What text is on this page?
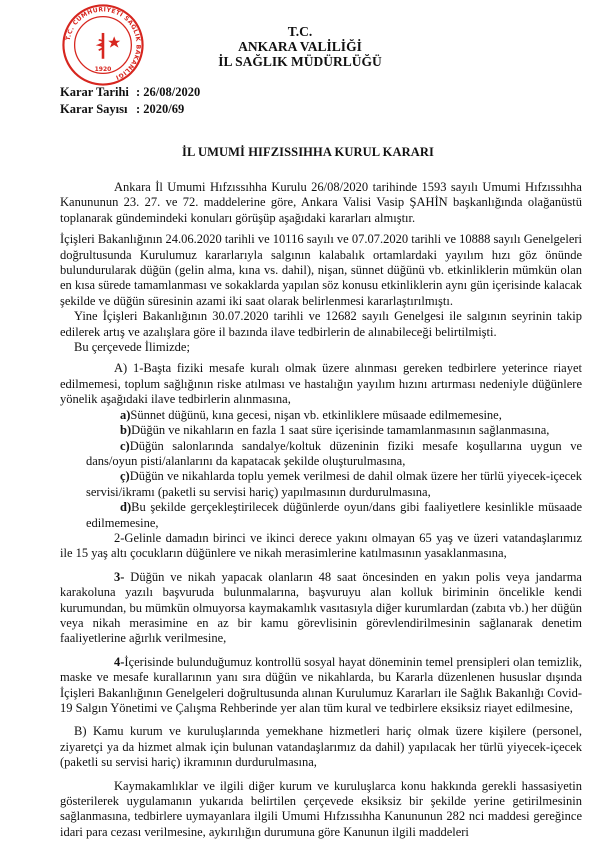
T.C. CUMHURİYETİ SAĞLIK BAKANLIĞI
1920
T.C.
ANKARA VALİLİĞİ
İL SAĞLIK MÜDÜRLÜĞÜ
Karar Tarihi : 26/08/2020
Karar Sayısı : 2020/69
İL UMUMİ HIFZISSIHHA KURUL KARARI

Ankara İl Umumi Hıfzıssıhha Kurulu 26/08/2020 tarihinde 1593 sayılı Umumi Hıfzıssıhha Kanununun 23. 27. ve 72. maddelerine göre, Ankara Valisi Vasip ŞAHİN başkanlığında olağanüstü toplanarak gündemindeki konuları görüşüp aşağıdaki kararları almıştır.

İçişleri Bakanlığının 24.06.2020 tarihli ve 10116 sayılı ve 07.07.2020 tarihli ve 10888 sayılı Genelgeleri doğrultusunda Kurulumuz kararlarıyla salgının kalabalık ortamlardaki yayılım hızı göz önünde bulundurularak düğün (gelin alma, kına vs. dahil), nişan, sünnet düğünü vb. etkinliklerin mümkün olan en kısa sürede tamamlanması ve sokaklarda yapılan söz konusu etkinliklerin aynı gün içerisinde kalacak şekilde ve düğün süresinin azami iki saat olarak belirlenmesi kararlaştırılmıştı.

Yine İçişleri Bakanlığının 30.07.2020 tarihli ve 12682 sayılı Genelgesi ile salgının seyrinin takip edilerek artış ve azalışlara göre il bazında ilave tedbirlerin de alınabileceği belirtilmişti.

Bu çerçevede İlimizde;

A) 1-Başta fiziki mesafe kuralı olmak üzere alınması gereken tedbirlere yeterince riayet edilmemesi, toplum sağlığının riske atılması ve hastalığın yayılım hızını artırması nedeniyle düğünlere yönelik aşağıdaki ilave tedbirlerin alınmasına,

a)Sünnet düğünü, kına gecesi, nişan vb. etkinliklere müsaade edilmemesine,

b)Düğün ve nikahların en fazla 1 saat süre içerisinde tamamlanmasının sağlanmasına,

c)Düğün salonlarında sandalye/koltuk düzeninin fiziki mesafe koşullarına uygun ve dans/oyun pisti/alanlarını da kapatacak şekilde oluşturulmasına,

ç)Düğün ve nikahlarda toplu yemek verilmesi de dahil olmak üzere her türlü yiyecek-içecek servisi/ikramı (paketli su servisi hariç) yapılmasının durdurulmasına,

d)Bu şekilde gerçekleştirilecek düğünlerde oyun/dans gibi faaliyetlere kesinlikle müsaade edilmemesine,

2-Gelinle damadın birinci ve ikinci derece yakını olmayan 65 yaş ve üzeri vatandaşlarımız ile 15 yaş altı çocukların düğünlere ve nikah merasimlerine katılmasının yasaklanmasına,

3- Düğün ve nikah yapacak olanların 48 saat öncesinden en yakın polis veya jandarma karakoluna yazılı başvuruda bulunmalarına, başvuruyu alan kolluk biriminin öncelikle kendi kurumundan, bu mümkün olmuyorsa kaymakamlık vasıtasıyla diğer kurumlardan (zabıta vb.) her düğün veya nikah merasimine en az bir kamu görevlisinin görevlendirilmesinin sağlanarak denetim faaliyetlerine ağırlık verilmesine,

4-İçerisinde bulunduğumuz kontrollü sosyal hayat döneminin temel prensipleri olan temizlik, maske ve mesafe kurallarının yanı sıra düğün ve nikahlarda, bu Kararla düzenlenen hususlar dışında İçişleri Bakanlığının Genelgeleri doğrultusunda alınan Kurulumuz Kararları ile Sağlık Bakanlığı Covid-19 Salgın Yönetimi ve Çalışma Rehberinde yer alan tüm kural ve tedbirlere eksiksiz riayet edilmesine,

B) Kamu kurum ve kuruluşlarında yemekhane hizmetleri hariç olmak üzere kişilere (personel, ziyaretçi ya da hizmet almak için bulunan vatandaşlarımız da dahil) yapılacak her türlü yiyecek-içecek (paketli su servisi hariç) ikramının durdurulmasına,

Kaymakamlıklar ve ilgili diğer kurum ve kuruluşlarca konu hakkında gerekli hassasiyetin gösterilerek uygulamanın yukarıda belirtilen çerçevede eksiksiz bir şekilde yerine getirilmesinin sağlanmasına, tedbirlere uymayanlara ilgili Umumi Hıfzıssıhha Kanununun 282 nci maddesi gereğince idari para cezası verilmesine, aykırılığın durumuna göre Kanunun ilgili maddeleri
